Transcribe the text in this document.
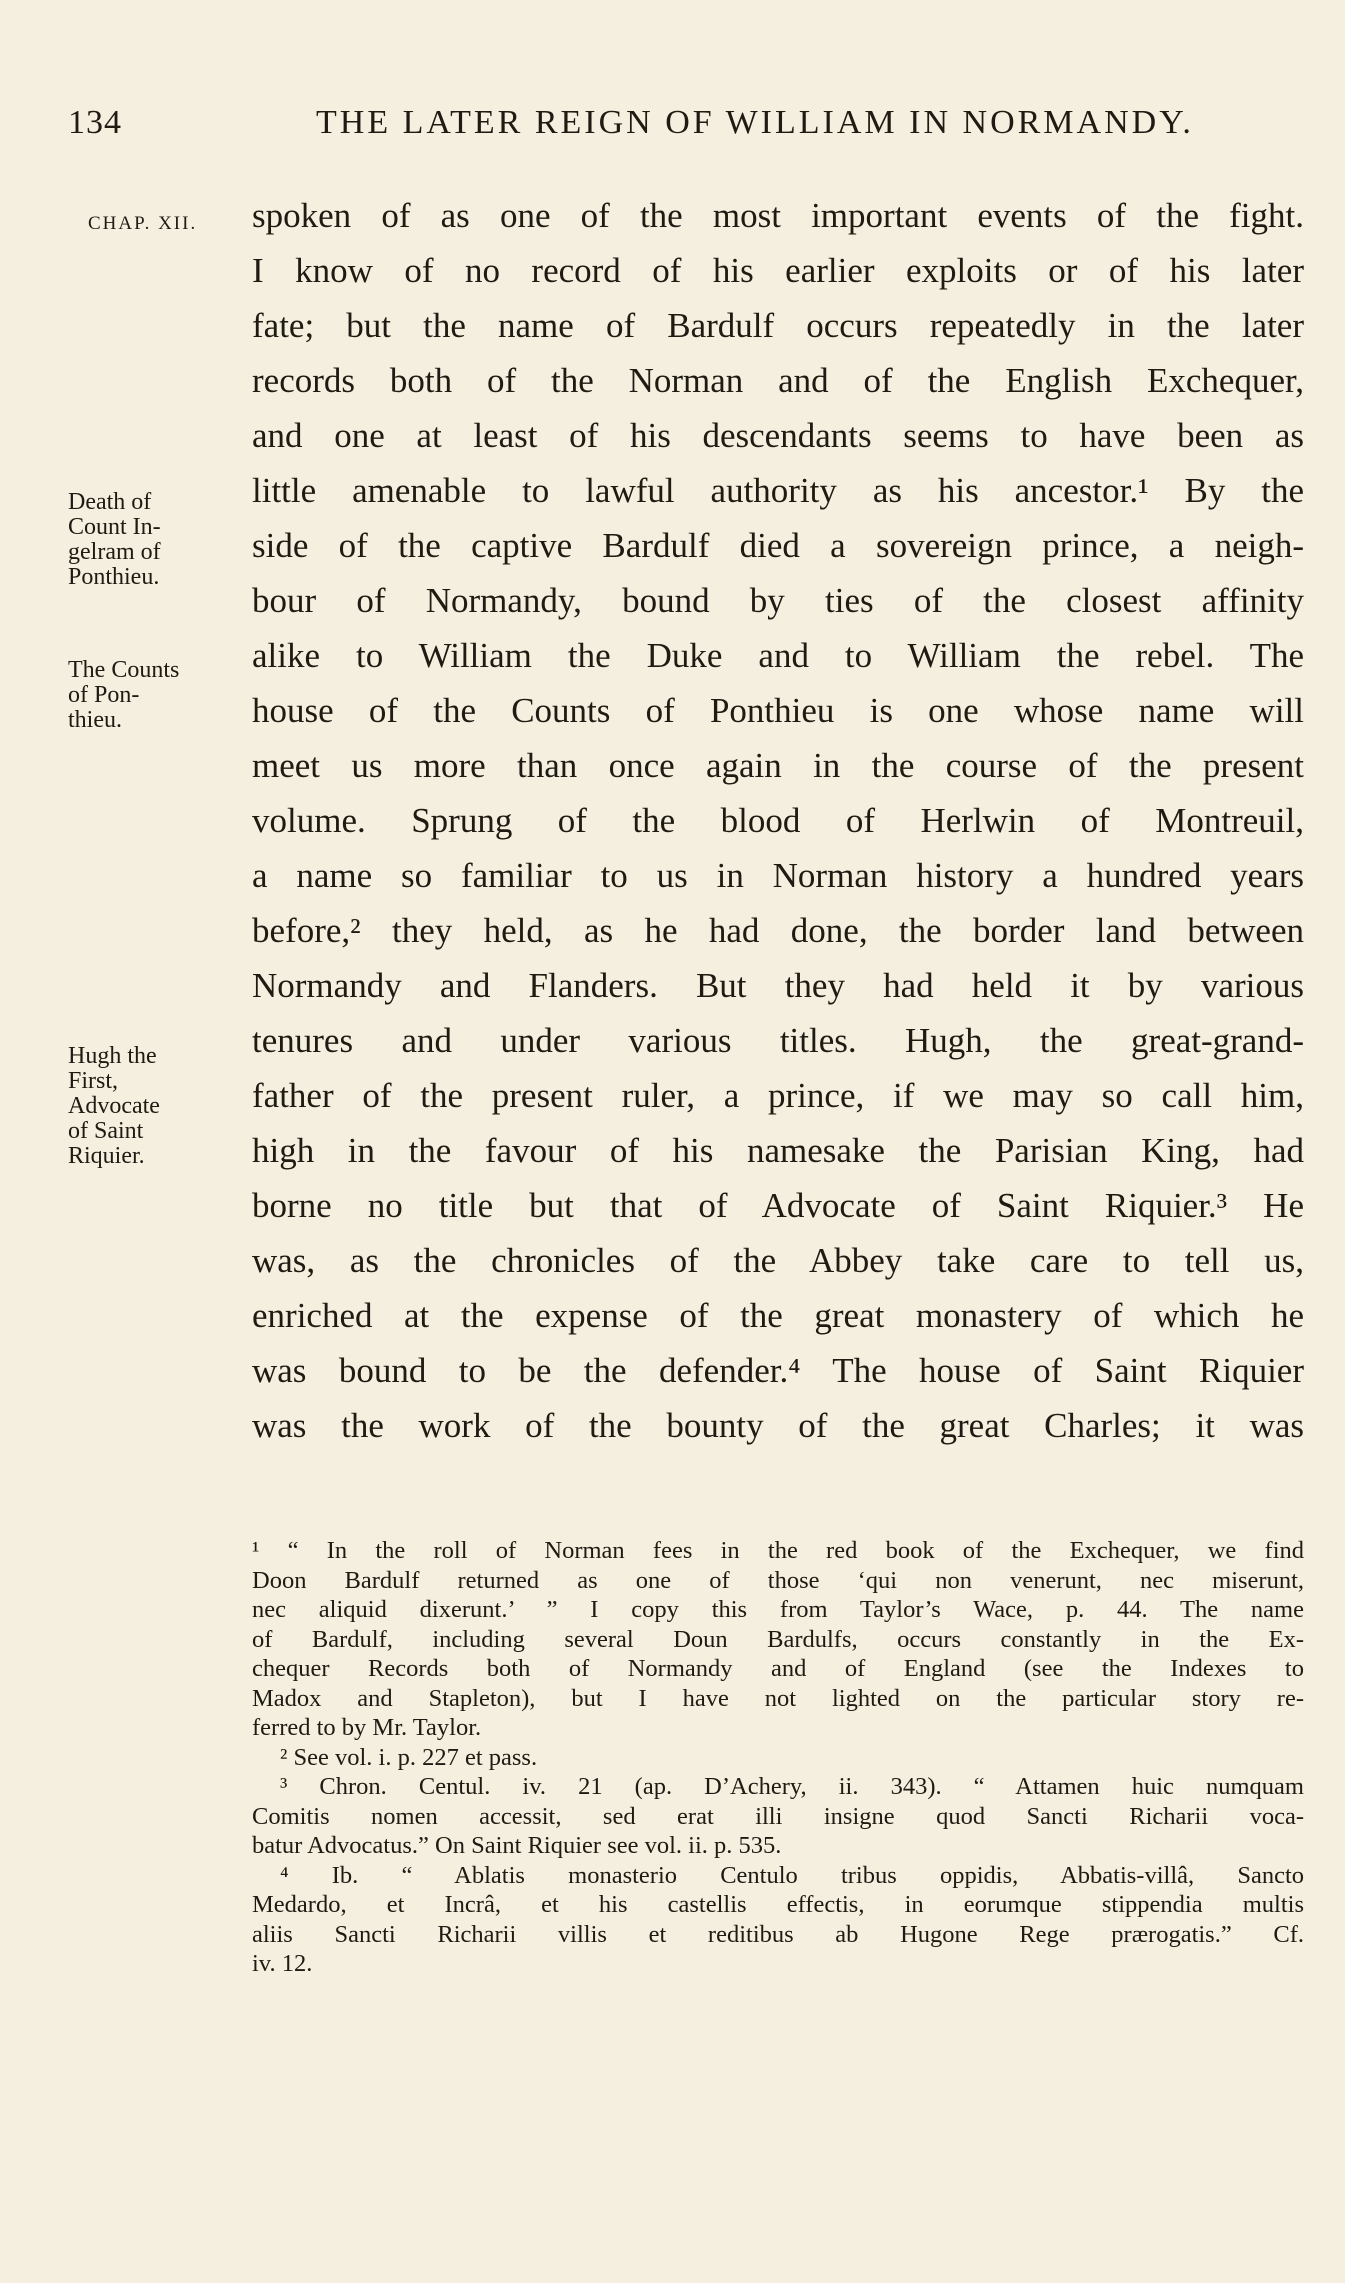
134	THE LATER REIGN OF WILLIAM IN NORMANDY.
CHAP. XII.
Death of
Count In-
gelram of
Ponthieu.
The Counts
of Pon-
thieu.
Hugh the
First,
Advocate
of Saint
Riquier.
spoken of as one of the most important events of the fight.
I know of no record of his earlier exploits or of his later
fate; but the name of Bardulf occurs repeatedly in the later
records both of the Norman and of the English Exchequer,
and one at least of his descendants seems to have been as
little amenable to lawful authority as his ancestor.¹ By the
side of the captive Bardulf died a sovereign prince, a neigh-
bour of Normandy, bound by ties of the closest affinity
alike to William the Duke and to William the rebel. The
house of the Counts of Ponthieu is one whose name will
meet us more than once again in the course of the present
volume. Sprung of the blood of Herlwin of Montreuil,
a name so familiar to us in Norman history a hundred years
before,² they held, as he had done, the border land between
Normandy and Flanders. But they had held it by various
tenures and under various titles. Hugh, the great-grand-
father of the present ruler, a prince, if we may so call him,
high in the favour of his namesake the Parisian King, had
borne no title but that of Advocate of Saint Riquier.³ He
was, as the chronicles of the Abbey take care to tell us,
enriched at the expense of the great monastery of which he
was bound to be the defender.⁴ The house of Saint Riquier
was the work of the bounty of the great Charles; it was
¹ “ In the roll of Norman fees in the red book of the Exchequer, we find
Doon Bardulf returned as one of those ‘qui non venerunt, nec miserunt,
nec aliquid dixerunt.’ ” I copy this from Taylor’s Wace, p. 44. The name
of Bardulf, including several Doun Bardulfs, occurs constantly in the Ex-
chequer Records both of Normandy and of England (see the Indexes to
Madox and Stapleton), but I have not lighted on the particular story re-
ferred to by Mr. Taylor.
² See vol. i. p. 227 et pass.
³ Chron. Centul. iv. 21 (ap. D’Achery, ii. 343). “ Attamen huic numquam
Comitis nomen accessit, sed erat illi insigne quod Sancti Richarii voca-
batur Advocatus.” On Saint Riquier see vol. ii. p. 535.
⁴ Ib. “ Ablatis monasterio Centulo tribus oppidis, Abbatis-villâ, Sancto
Medardo, et Incrâ, et his castellis effectis, in eorumque stippendia multis
aliis Sancti Richarii villis et reditibus ab Hugone Rege prærogatis.” Cf.
iv. 12.
